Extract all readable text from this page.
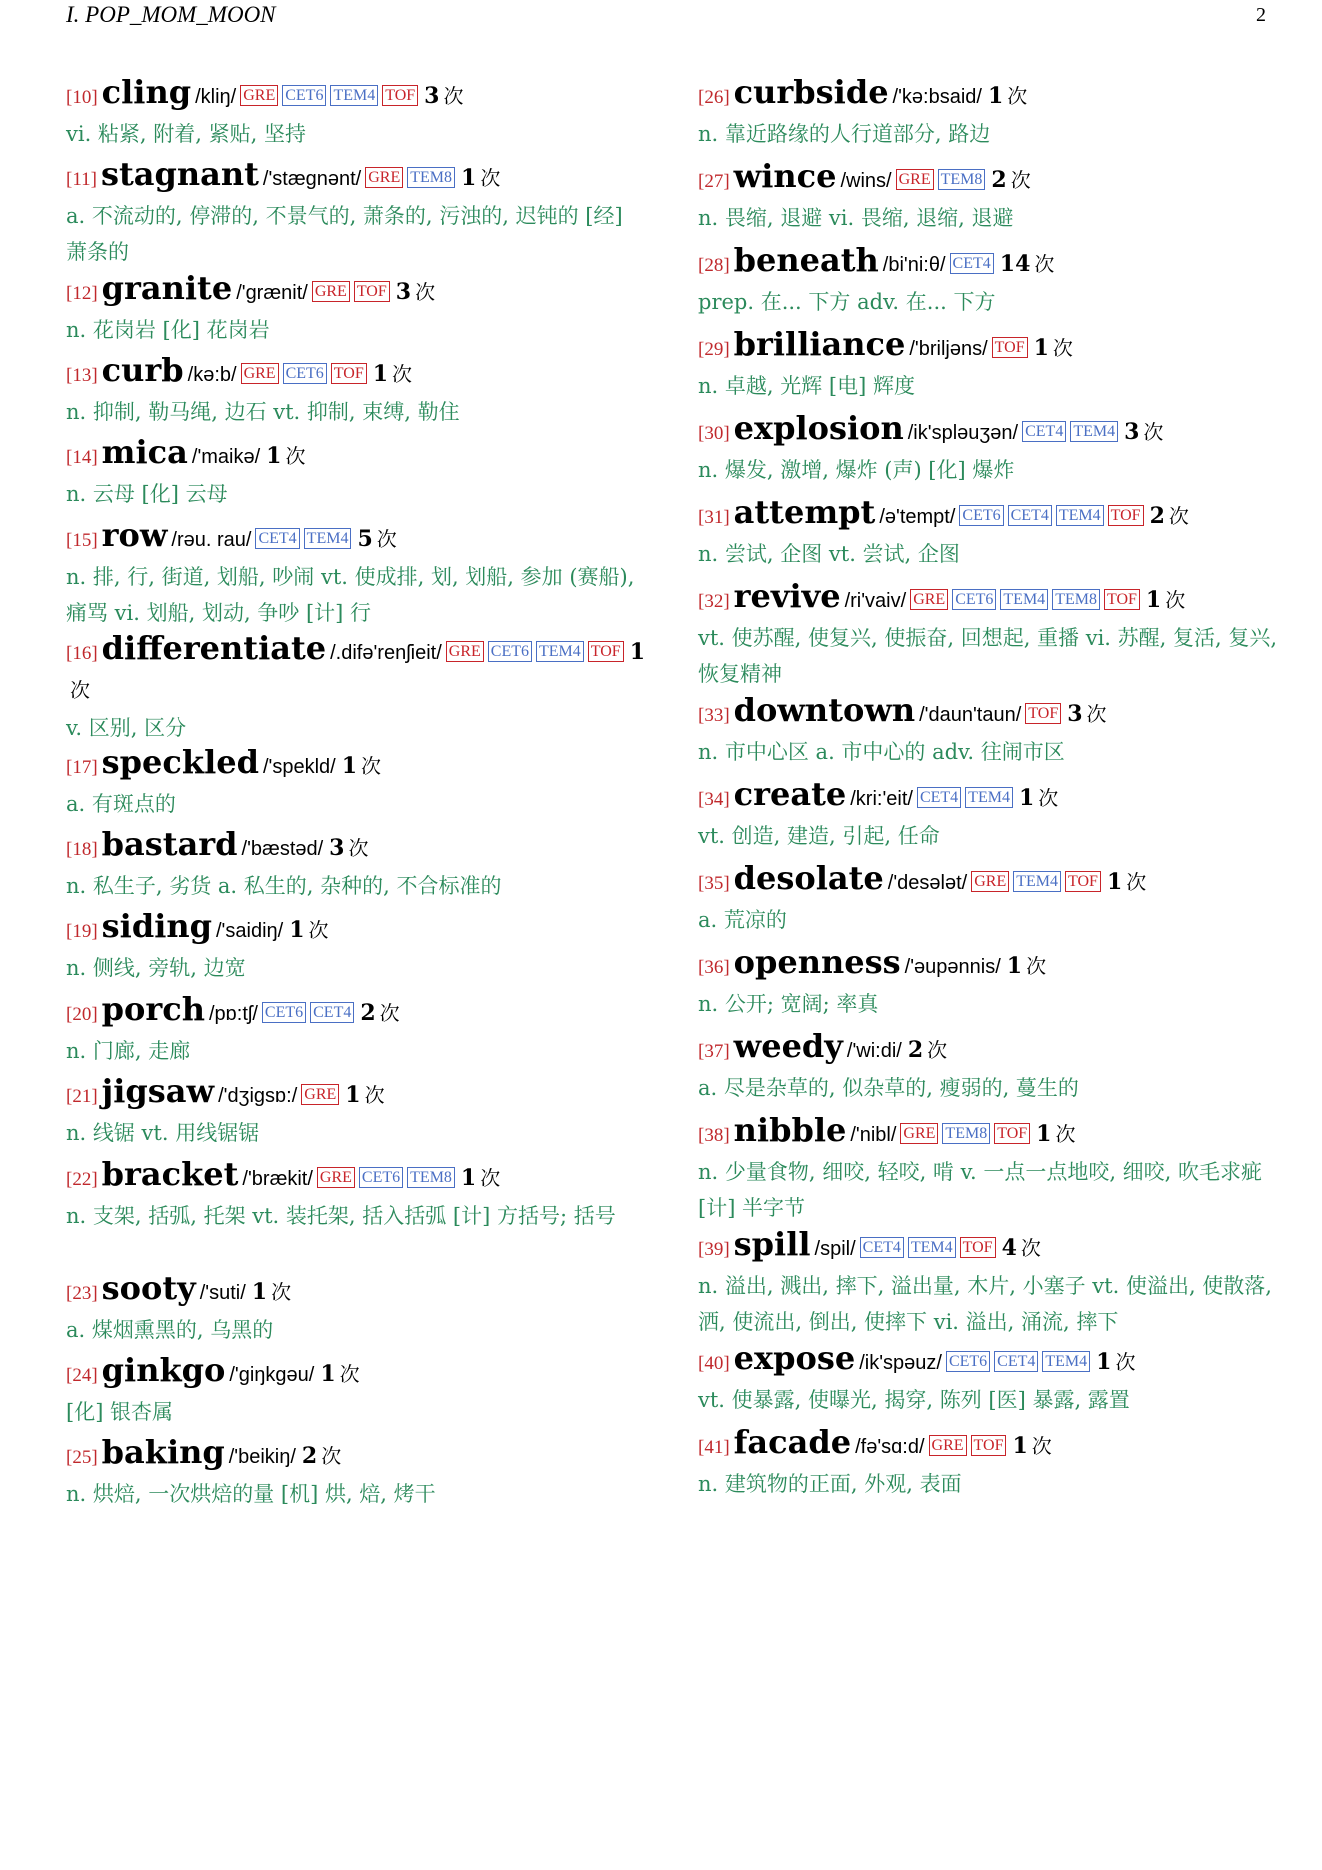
I. POP_MOM_MOON	2
[10] cling /kliŋ/ GRE CET6 TEM4 TOF 3 次
vi. 粘紧, 附着, 紧贴, 坚持
[11] stagnant /'stægnənt/ GRE TEM8 1 次
a. 不流动的, 停滞的, 不景气的, 萧条的, 污浊的, 迟钝的 [经] 萧条的
[12] granite /'grænit/ GRE TOF 3 次
n. 花岗岩 [化] 花岗岩
[13] curb /kə:b/ GRE CET6 TOF 1 次
n. 抑制, 勒马绳, 边石 vt. 抑制, 束缚, 勒住
[14] mica /'maikə/ 1 次
n. 云母 [化] 云母
[15] row /rəu. rau/ CET4 TEM4 5 次
n. 排, 行, 街道, 划船, 吵闹 vt. 使成排, 划, 划船, 参加 (赛船), 痛骂 vi. 划船, 划动, 争吵 [计] 行
[16] differentiate /.difə'renʃieit/ GRE CET6 TEM4 TOF 1次
v. 区别, 区分
[17] speckled /'spekld/ 1 次
a. 有斑点的
[18] bastard /'bæstəd/ 3 次
n. 私生子, 劣货 a. 私生的, 杂种的, 不合标准的
[19] siding /'saidiŋ/ 1 次
n. 侧线, 旁轨, 边宽
[20] porch /pɒ:tʃ/ CET6 CET4 2 次
n. 门廊, 走廊
[21] jigsaw /'dʒigsɒ:/ GRE 1 次
n. 线锯 vt. 用线锯锯
[22] bracket /'brækit/ GRE CET6 TEM8 1 次
n. 支架, 括弧, 托架 vt. 装托架, 括入括弧 [计] 方括号; 括号
[23] sooty /'suti/ 1 次
a. 煤烟熏黑的, 乌黑的
[24] ginkgo /'giŋkgəu/ 1 次
[化] 银杏属
[25] baking /'beikiŋ/ 2 次
n. 烘焙, 一次烘焙的量 [机] 烘, 焙, 烤干
[26] curbside /'kə:bsaid/ 1 次
n. 靠近路缘的人行道部分, 路边
[27] wince /wins/ GRE TEM8 2 次
n. 畏缩, 退避 vi. 畏缩, 退缩, 退避
[28] beneath /bi'ni:θ/ CET4 14 次
prep. 在... 下方 adv. 在... 下方
[29] brilliance /'briljəns/ TOF 1 次
n. 卓越, 光辉 [电] 辉度
[30] explosion /ik'spləuʒən/ CET4 TEM4 3 次
n. 爆发, 激增, 爆炸 (声) [化] 爆炸
[31] attempt /ə'tempt/ CET6 CET4 TEM4 TOF 2 次
n. 尝试, 企图 vt. 尝试, 企图
[32] revive /ri'vaiv/ GRE CET6 TEM4 TEM8 TOF 1 次
vt. 使苏醒, 使复兴, 使振奋, 回想起, 重播 vi. 苏醒, 复活, 复兴, 恢复精神
[33] downtown /'daun'taun/ TOF 3 次
n. 市中心区 a. 市中心的 adv. 往闹市区
[34] create /kri:'eit/ CET4 TEM4 1 次
vt. 创造, 建造, 引起, 任命
[35] desolate /'desələt/ GRE TEM4 TOF 1 次
a. 荒凉的
[36] openness /'əupənnis/ 1 次
n. 公开; 宽阔; 率真
[37] weedy /'wi:di/ 2 次
a. 尽是杂草的, 似杂草的, 瘦弱的, 蔓生的
[38] nibble /'nibl/ GRE TEM8 TOF 1 次
n. 少量食物, 细咬, 轻咬, 啃 v. 一点一点地咬, 细咬, 吹毛求疵 [计] 半字节
[39] spill /spil/ CET4 TEM4 TOF 4 次
n. 溢出, 溅出, 摔下, 溢出量, 木片, 小塞子 vt. 使溢出, 使散落, 洒, 使流出, 倒出, 使摔下 vi. 溢出, 涌流, 摔下
[40] expose /ik'spəuz/ CET6 CET4 TEM4 1 次
vt. 使暴露, 使曝光, 揭穿, 陈列 [医] 暴露, 露置
[41] facade /fə'sɑ:d/ GRE TOF 1 次
n. 建筑物的正面, 外观, 表面
